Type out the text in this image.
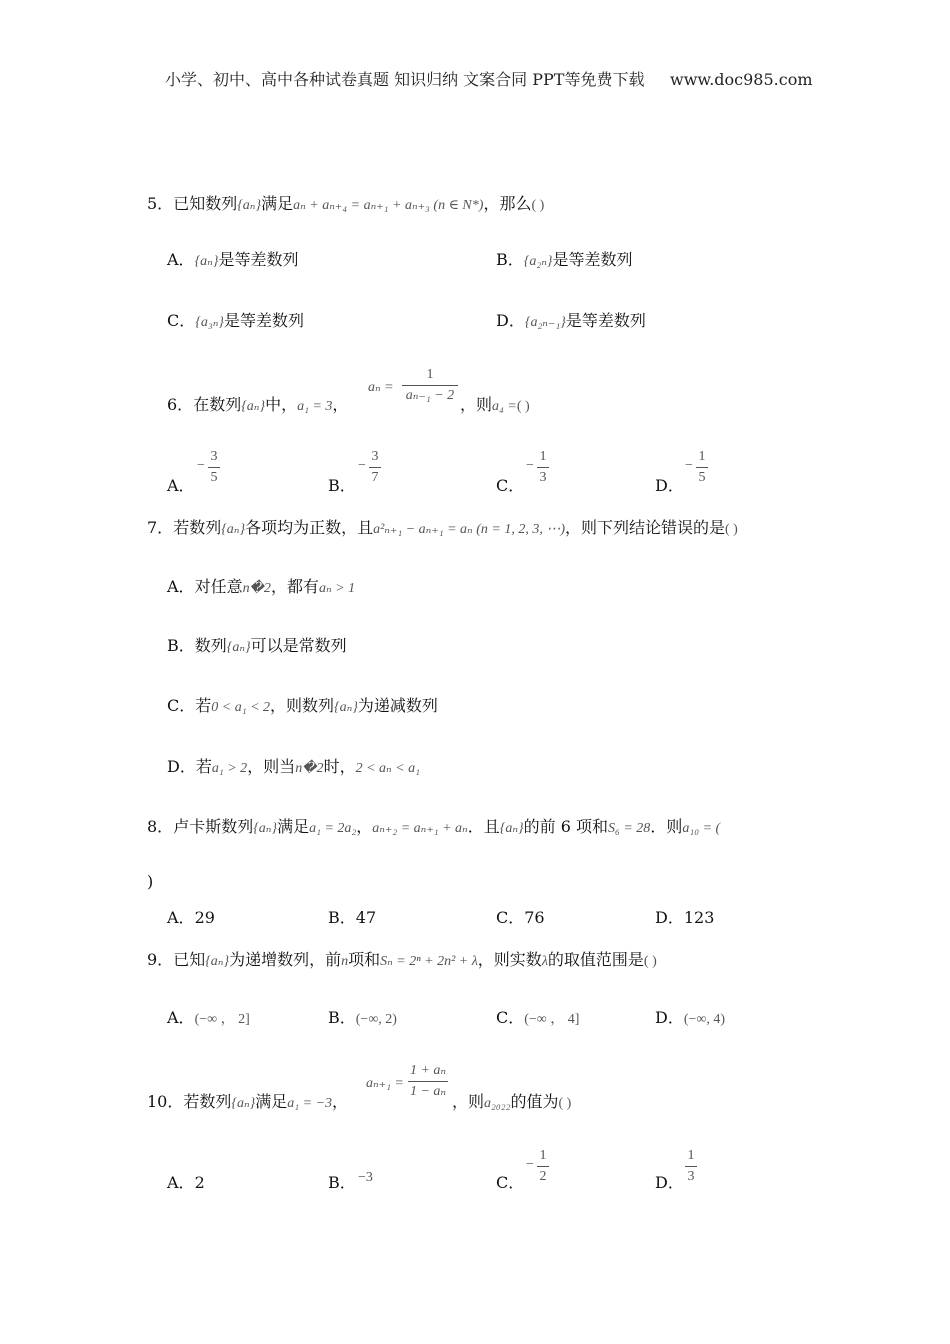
小学、初中、高中各种试卷真题 知识归纳 文案合同 PPT等免费下载 www.doc985.com
5．已知数列{aₙ}满足aₙ + aₙ₊₄ = aₙ₊₁ + aₙ₊₃ (n ∈ N*)，那么( )
A．{aₙ}是等差数列	B．{a₂ₙ}是等差数列
C．{a₃ₙ}是等差数列	D．{a₂ₙ₋₁}是等差数列
6．在数列{aₙ}中，a₁ = 3，
aₙ =
1
aₙ₋₁ − 2 ，则a₄ =( )
A．
−
3
5	B．
−
3
7	C．
−
1
3	D．
−
1
5
7．若数列{aₙ}各项均为正数，且a²ₙ₊₁ − aₙ₊₁ = aₙ (n = 1, 2, 3, ⋯)，则下列结论错误的是( )
A．对任意n�2，都有aₙ > 1
B．数列{aₙ}可以是常数列
C．若0 < a₁ < 2，则数列{aₙ}为递减数列
D．若a₁ > 2，则当n�2时，2 < aₙ < a₁
8．卢卡斯数列{aₙ}满足a₁ = 2a₂，aₙ₊₂ = aₙ₊₁ + aₙ．且{aₙ}的前 6 项和S₆ = 28．则a₁₀ = (
)
A．29	B．47	C．76	D．123
9．已知{aₙ}为递增数列，前n项和Sₙ = 2ⁿ + 2n² + λ，则实数λ的取值范围是( )
A．(−∞ ， 2]	B．(−∞, 2)	C．(−∞ ， 4]	D．(−∞, 4)
10．若数列{aₙ}满足a₁ = −3，
aₙ₊₁ =
1 + aₙ
1 − aₙ
，则a₂₀₂₂的值为( )
A．2	B． −3	C．
−
1
2	D．
1
3
